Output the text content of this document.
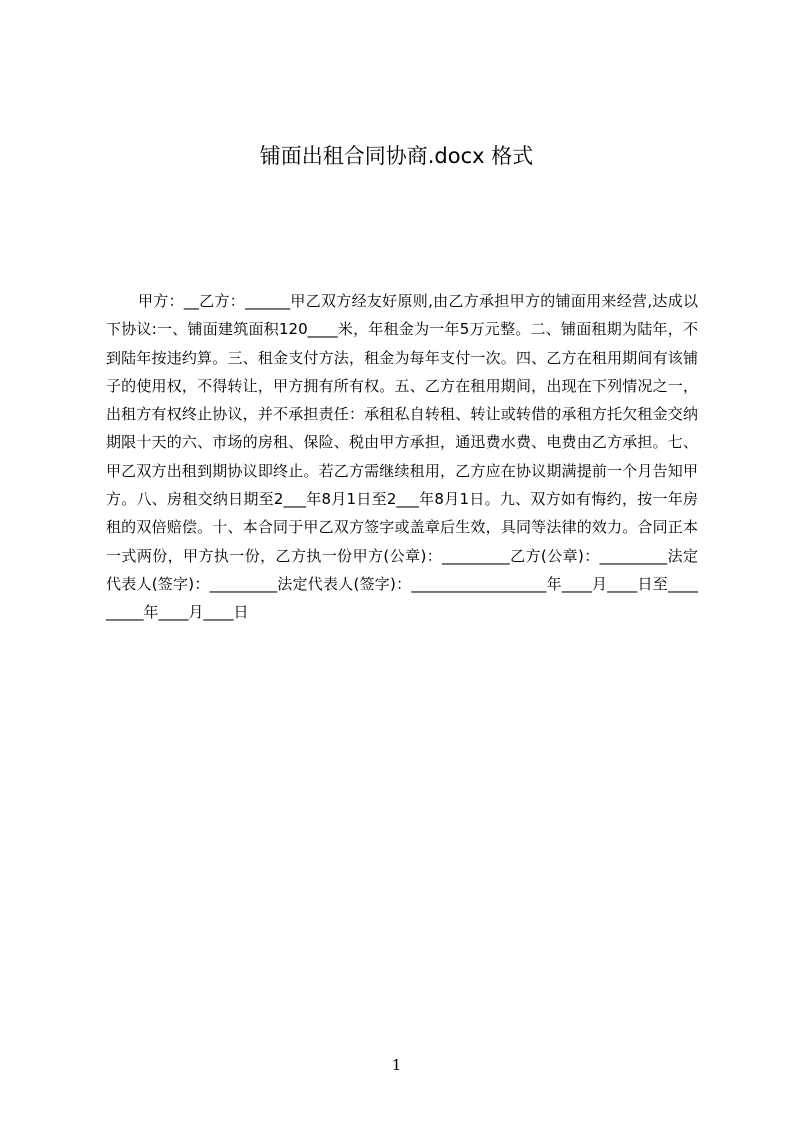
铺面出租合同协商.docx 格式

甲方：__乙方：______甲乙双方经友好原则,由乙方承担甲方的铺面用来经营,达成以下协议:一、铺面建筑面积120____米，年租金为一年5万元整。二、铺面租期为陆年，不到陆年按违约算。三、租金支付方法，租金为每年支付一次。四、乙方在租用期间有该铺子的使用权，不得转让，甲方拥有所有权。五、乙方在租用期间，出现在下列情况之一，出租方有权终止协议，并不承担责任：承租私自转租、转让或转借的承租方托欠租金交纳期限十天的六、市场的房租、保险、税由甲方承担，通迅费水费、电费由乙方承担。七、甲乙双方出租到期协议即终止。若乙方需继续租用，乙方应在协议期满提前一个月告知甲方。八、房租交纳日期至2___年8月1日至2___年8月1日。九、双方如有悔约，按一年房租的双倍赔偿。十、本合同于甲乙双方签字或盖章后生效，具同等法律的效力。合同正本一式两份，甲方执一份，乙方执一份甲方(公章)：_________乙方(公章)：_________法定代表人(签字)：_________法定代表人(签字)：__________________年____月____日至_________年____月____日

1
